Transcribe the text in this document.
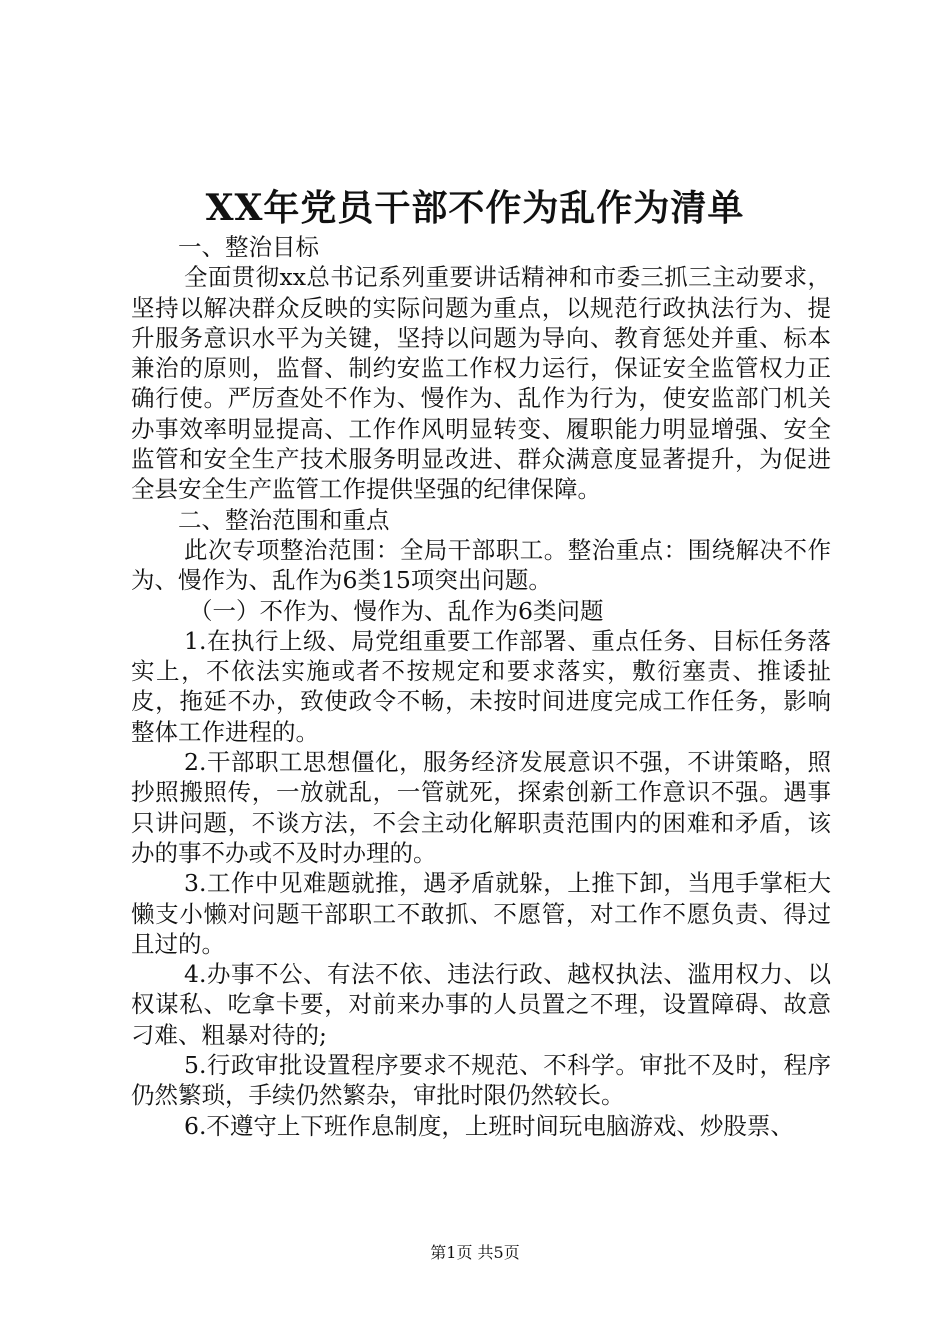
XX年党员干部不作为乱作为清单

一、整治目标

全面贯彻xx总书记系列重要讲话精神和市委三抓三主动要求，坚持以解决群众反映的实际问题为重点，以规范行政执法行为、提升服务意识水平为关键，坚持以问题为导向、教育惩处并重、标本兼治的原则，监督、制约安监工作权力运行，保证安全监管权力正确行使。严厉查处不作为、慢作为、乱作为行为，使安监部门机关办事效率明显提高、工作作风明显转变、履职能力明显增强、安全监管和安全生产技术服务明显改进、群众满意度显著提升，为促进全县安全生产监管工作提供坚强的纪律保障。

二、整治范围和重点

此次专项整治范围：全局干部职工。整治重点：围绕解决不作为、慢作为、乱作为6类15项突出问题。

（一）不作为、慢作为、乱作为6类问题

1.在执行上级、局党组重要工作部署、重点任务、目标任务落实上，不依法实施或者不按规定和要求落实，敷衍塞责、推诿扯皮，拖延不办，致使政令不畅，未按时间进度完成工作任务，影响整体工作进程的。

2.干部职工思想僵化，服务经济发展意识不强，不讲策略，照抄照搬照传，一放就乱，一管就死，探索创新工作意识不强。遇事只讲问题，不谈方法，不会主动化解职责范围内的困难和矛盾，该办的事不办或不及时办理的。

3.工作中见难题就推，遇矛盾就躲，上推下卸，当甩手掌柜大懒支小懒对问题干部职工不敢抓、不愿管，对工作不愿负责、得过且过的。

4.办事不公、有法不依、违法行政、越权执法、滥用权力、以权谋私、吃拿卡要，对前来办事的人员置之不理，设置障碍、故意刁难、粗暴对待的;

5.行政审批设置程序要求不规范、不科学。审批不及时，程序仍然繁琐，手续仍然繁杂，审批时限仍然较长。

6.不遵守上下班作息制度，上班时间玩电脑游戏、炒股票、

第1页 共5页
